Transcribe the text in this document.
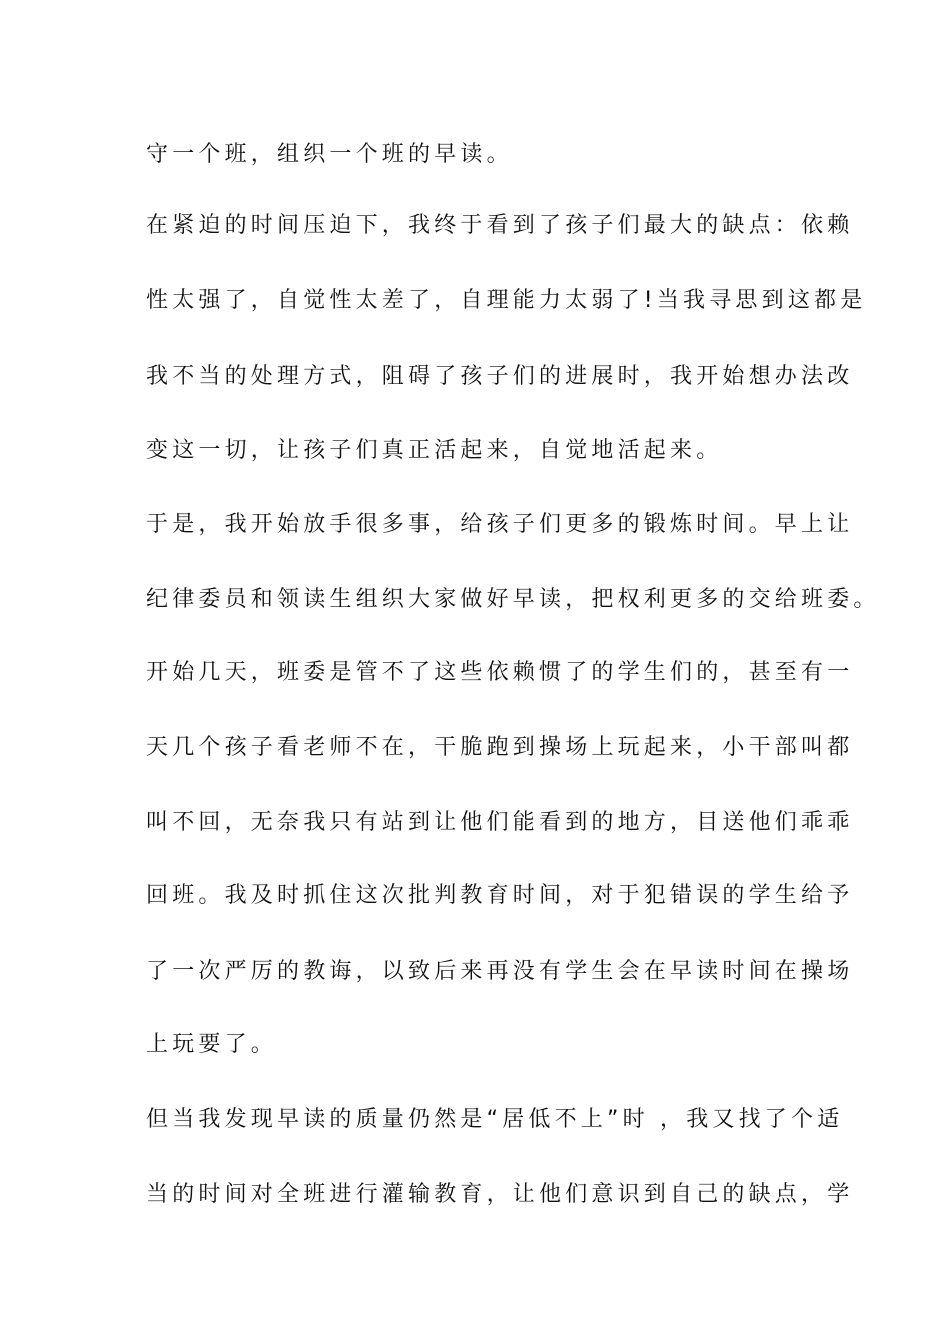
守一个班，组织一个班的早读。
在紧迫的时间压迫下，我终于看到了孩子们最大的缺点：依赖
性太强了，自觉性太差了，自理能力太弱了!当我寻思到这都是
我不当的处理方式，阻碍了孩子们的进展时，我开始想办法改
变这一切，让孩子们真正活起来，自觉地活起来。
于是，我开始放手很多事，给孩子们更多的锻炼时间。早上让
纪律委员和领读生组织大家做好早读，把权利更多的交给班委。
开始几天，班委是管不了这些依赖惯了的学生们的，甚至有一
天几个孩子看老师不在，干脆跑到操场上玩起来，小干部叫都
叫不回，无奈我只有站到让他们能看到的地方，目送他们乖乖
回班。我及时抓住这次批判教育时间，对于犯错误的学生给予
了一次严厉的教诲，以致后来再没有学生会在早读时间在操场
上玩要了。
但当我发现早读的质量仍然是“居低不上”时 ，我又找了个适
当的时间对全班进行灌输教育，让他们意识到自己的缺点，学
